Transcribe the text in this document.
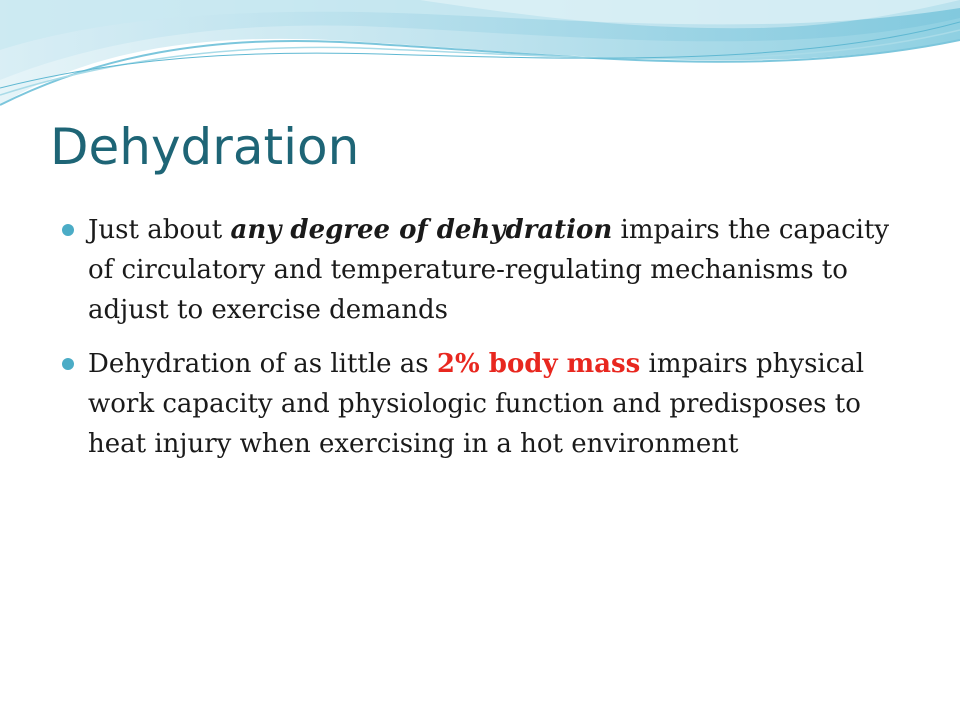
Dehydration
Just about any degree of dehydration impairs the capacity of circulatory and temperature-regulating mechanisms to adjust to exercise demands
Dehydration of as little as 2% body mass impairs physical work capacity and physiologic function and predisposes to heat injury when exercising in a hot environment
